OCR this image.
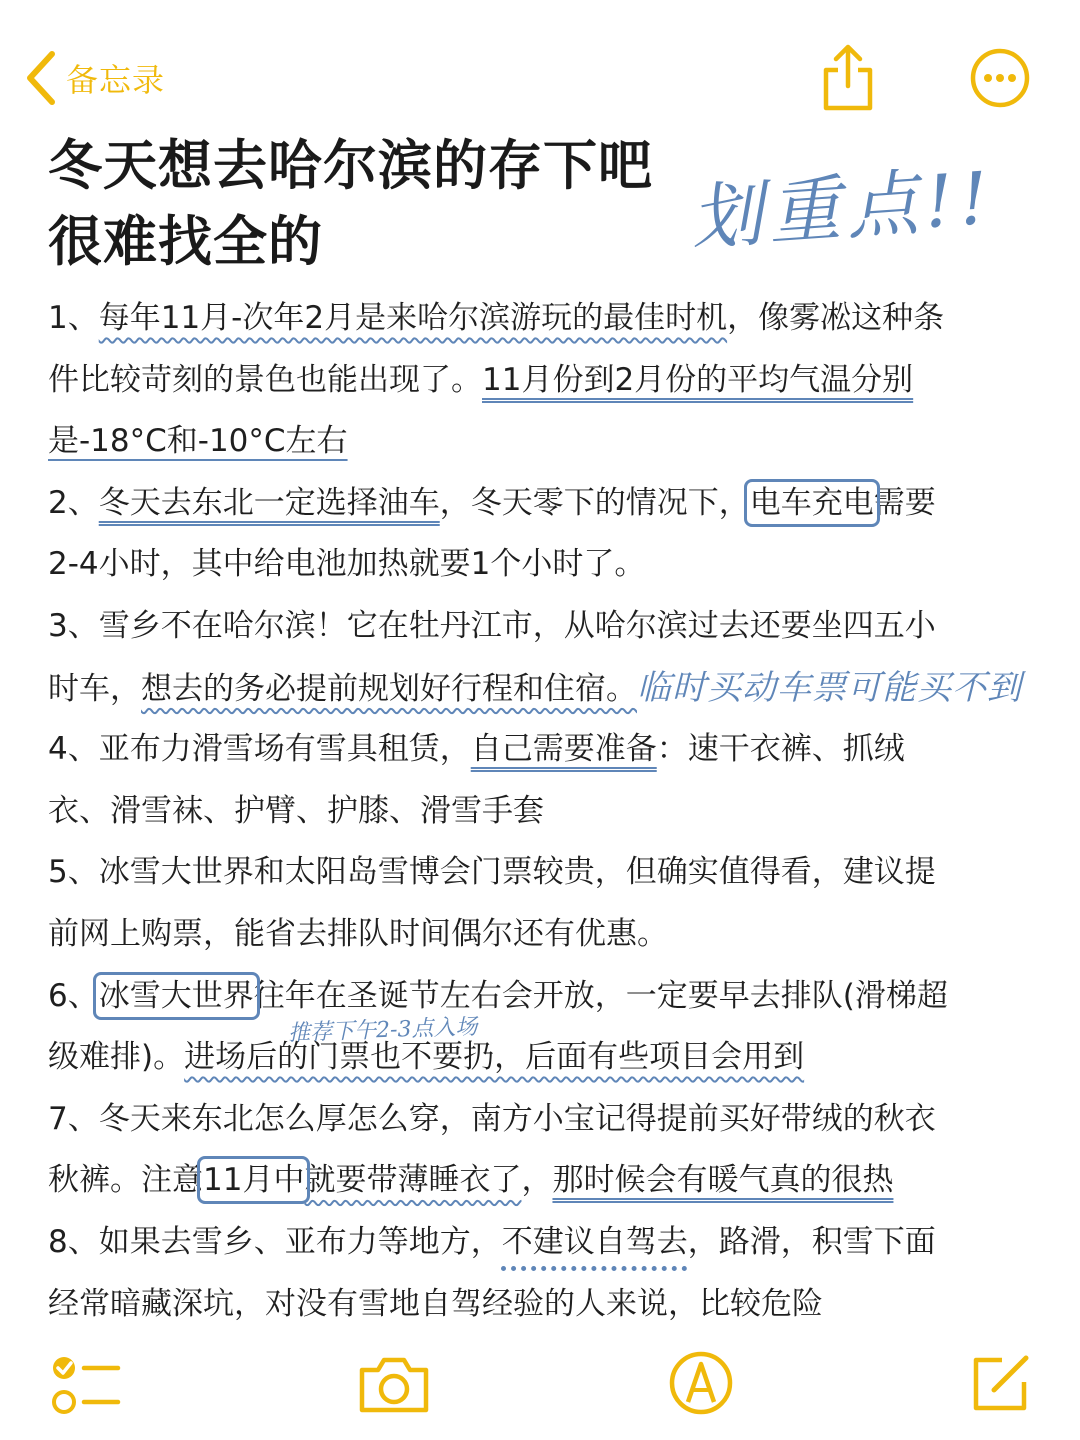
备忘录
冬天想去哈尔滨的存下吧
很难找全的	划重点!!
1、每年11月-次年2月是来哈尔滨游玩的最佳时机，像雾凇这种条
件比较苛刻的景色也能出现了。11月份到2月份的平均气温分别
是-18°C和-10°C左右
2、冬天去东北一定选择油车，冬天零下的情况下，电车充电需要
2-4小时，其中给电池加热就要1个小时了。
3、雪乡不在哈尔滨！它在牡丹江市，从哈尔滨过去还要坐四五小
时车，想去的务必提前规划好行程和住宿。临时买动车票可能买不到
4、亚布力滑雪场有雪具租赁，自己需要准备：速干衣裤、抓绒
衣、滑雪袜、护臂、护膝、滑雪手套
5、冰雪大世界和太阳岛雪博会门票较贵，但确实值得看，建议提
前网上购票，能省去排队时间偶尔还有优惠。
6、冰雪大世界往年在圣诞节左右会开放，一定要早去排队(滑梯超
级难排)。进场后的门票也不要扔，后面有些项目会用到
7、冬天来东北怎么厚怎么穿，南方小宝记得提前买好带绒的秋衣
秋裤。注意11月中就要带薄睡衣了，那时候会有暖气真的很热
8、如果去雪乡、亚布力等地方，不建议自驾去，路滑，积雪下面
经常暗藏深坑，对没有雪地自驾经验的人来说，比较危险
推荐下午2-3点入场
